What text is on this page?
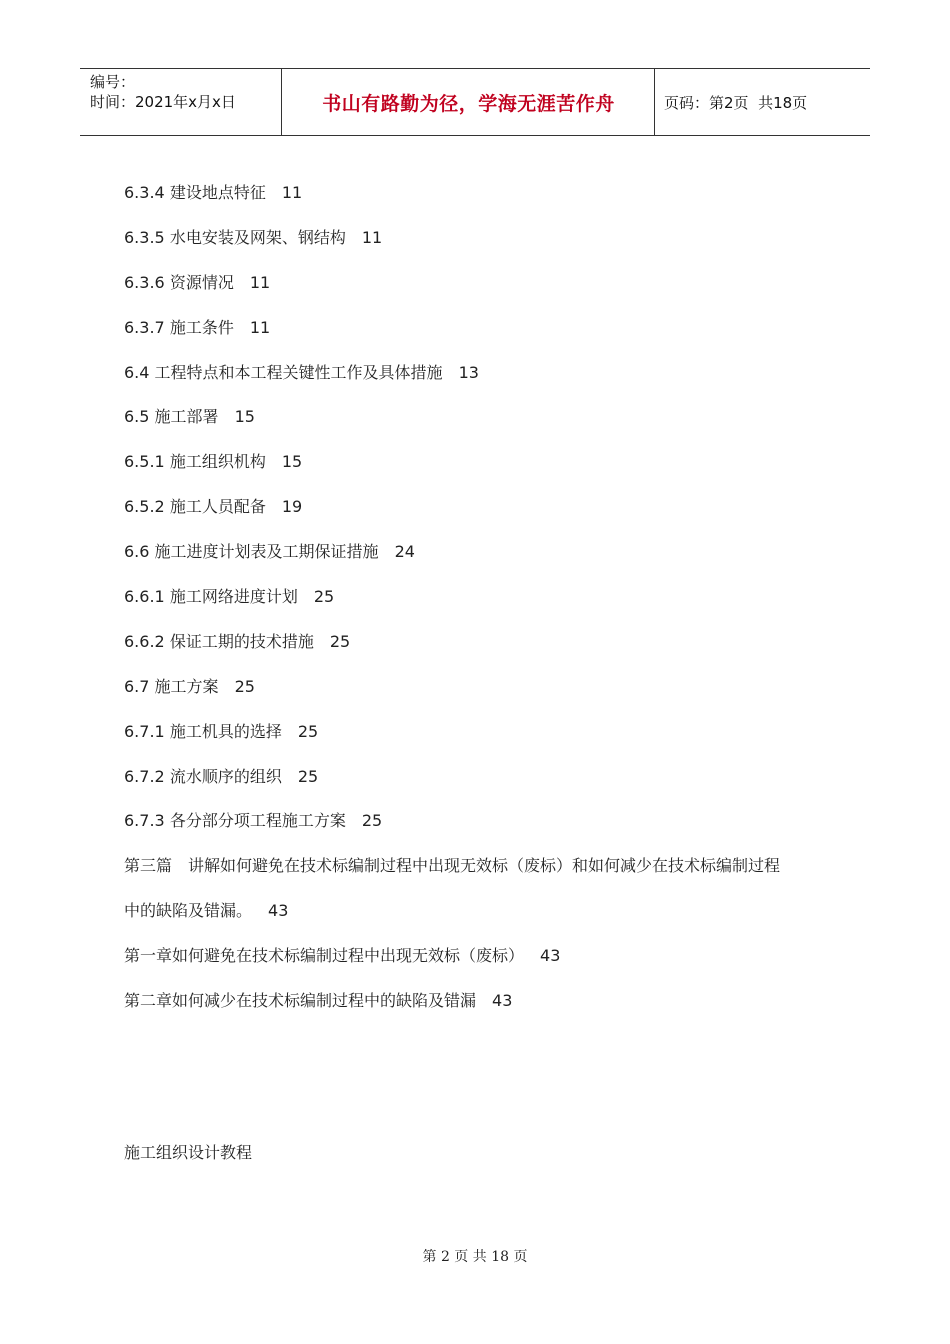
编号：
时间：2021年x月x日	书山有路勤为径，学海无涯苦作舟	页码：第2页  共18页
6.3.4 建设地点特征 11
6.3.5 水电安装及网架、钢结构 11
6.3.6 资源情况 11
6.3.7 施工条件 11
6.4 工程特点和本工程关键性工作及具体措施 13
6.5 施工部署 15
6.5.1 施工组织机构 15
6.5.2 施工人员配备 19
6.6 施工进度计划表及工期保证措施 24
6.6.1 施工网络进度计划 25
6.6.2 保证工期的技术措施 25
6.7 施工方案 25
6.7.1 施工机具的选择 25
6.7.2 流水顺序的组织 25
6.7.3 各分部分项工程施工方案 25
第三篇　讲解如何避免在技术标编制过程中出现无效标（废标）和如何减少在技术标编制过程
中的缺陷及错漏。 43
第一章如何避免在技术标编制过程中出现无效标（废标） 43
第二章如何减少在技术标编制过程中的缺陷及错漏 43
施工组织设计教程
第 2 页 共 18 页
